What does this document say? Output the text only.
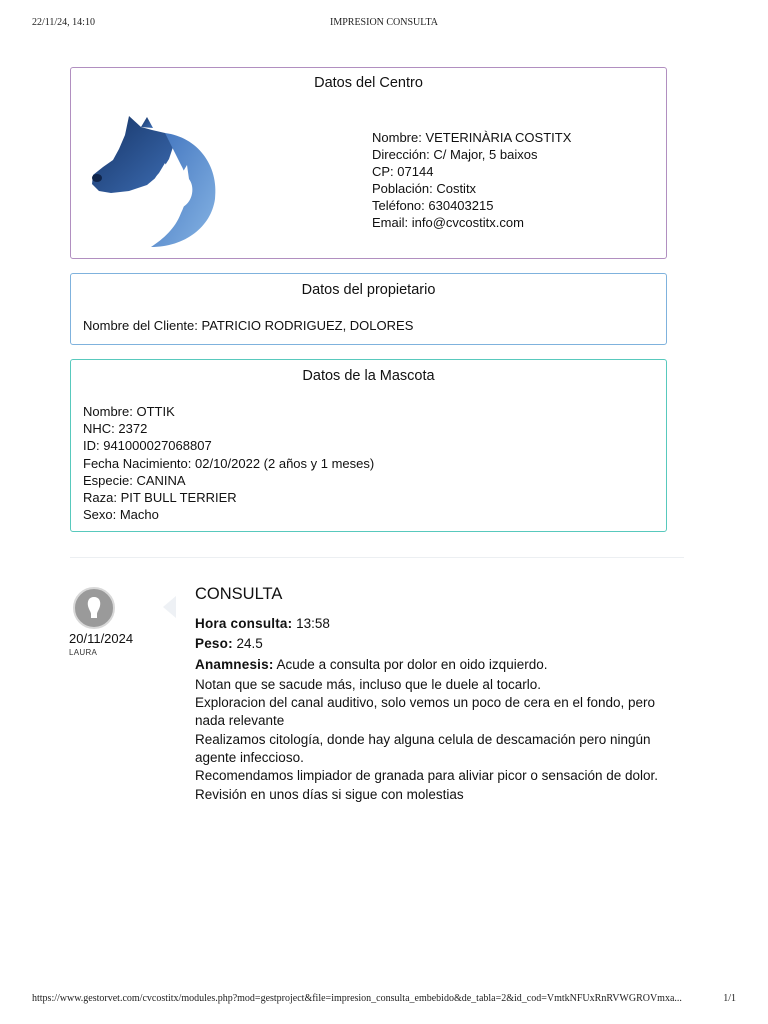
22/11/24, 14:10	IMPRESION CONSULTA
Datos del Centro
Nombre: VETERINÀRIA COSTITX
Dirección: C/ Major, 5 baixos
CP: 07144
Población: Costitx
Teléfono: 630403215
Email: info@cvcostitx.com
Datos del propietario
Nombre del Cliente: PATRICIO RODRIGUEZ, DOLORES
Datos de la Mascota
Nombre: OTTIK
NHC: 2372
ID: 941000027068807
Fecha Nacimiento: 02/10/2022 (2 años y 1 meses)
Especie: CANINA
Raza: PIT BULL TERRIER
Sexo: Macho
20/11/2024
LAURA
CONSULTA
Hora consulta: 13:58
Peso: 24.5
Anamnesis: Acude a consulta por dolor en oido izquierdo.

Notan que se sacude más, incluso que le duele al tocarlo.

Exploracion del canal auditivo, solo vemos un poco de cera en el fondo, pero nada relevante

Realizamos citología, donde hay alguna celula de descamación pero ningún agente infeccioso.

Recomendamos limpiador de granada para aliviar picor o sensación de dolor.

Revisión en unos días si sigue con molestias

https://www.gestorvet.com/cvcostitx/modules.php?mod=gestproject&file=impresion_consulta_embebido&de_tabla=2&id_cod=VmtkNFUxRnRVWGROVmxa...	1/1
